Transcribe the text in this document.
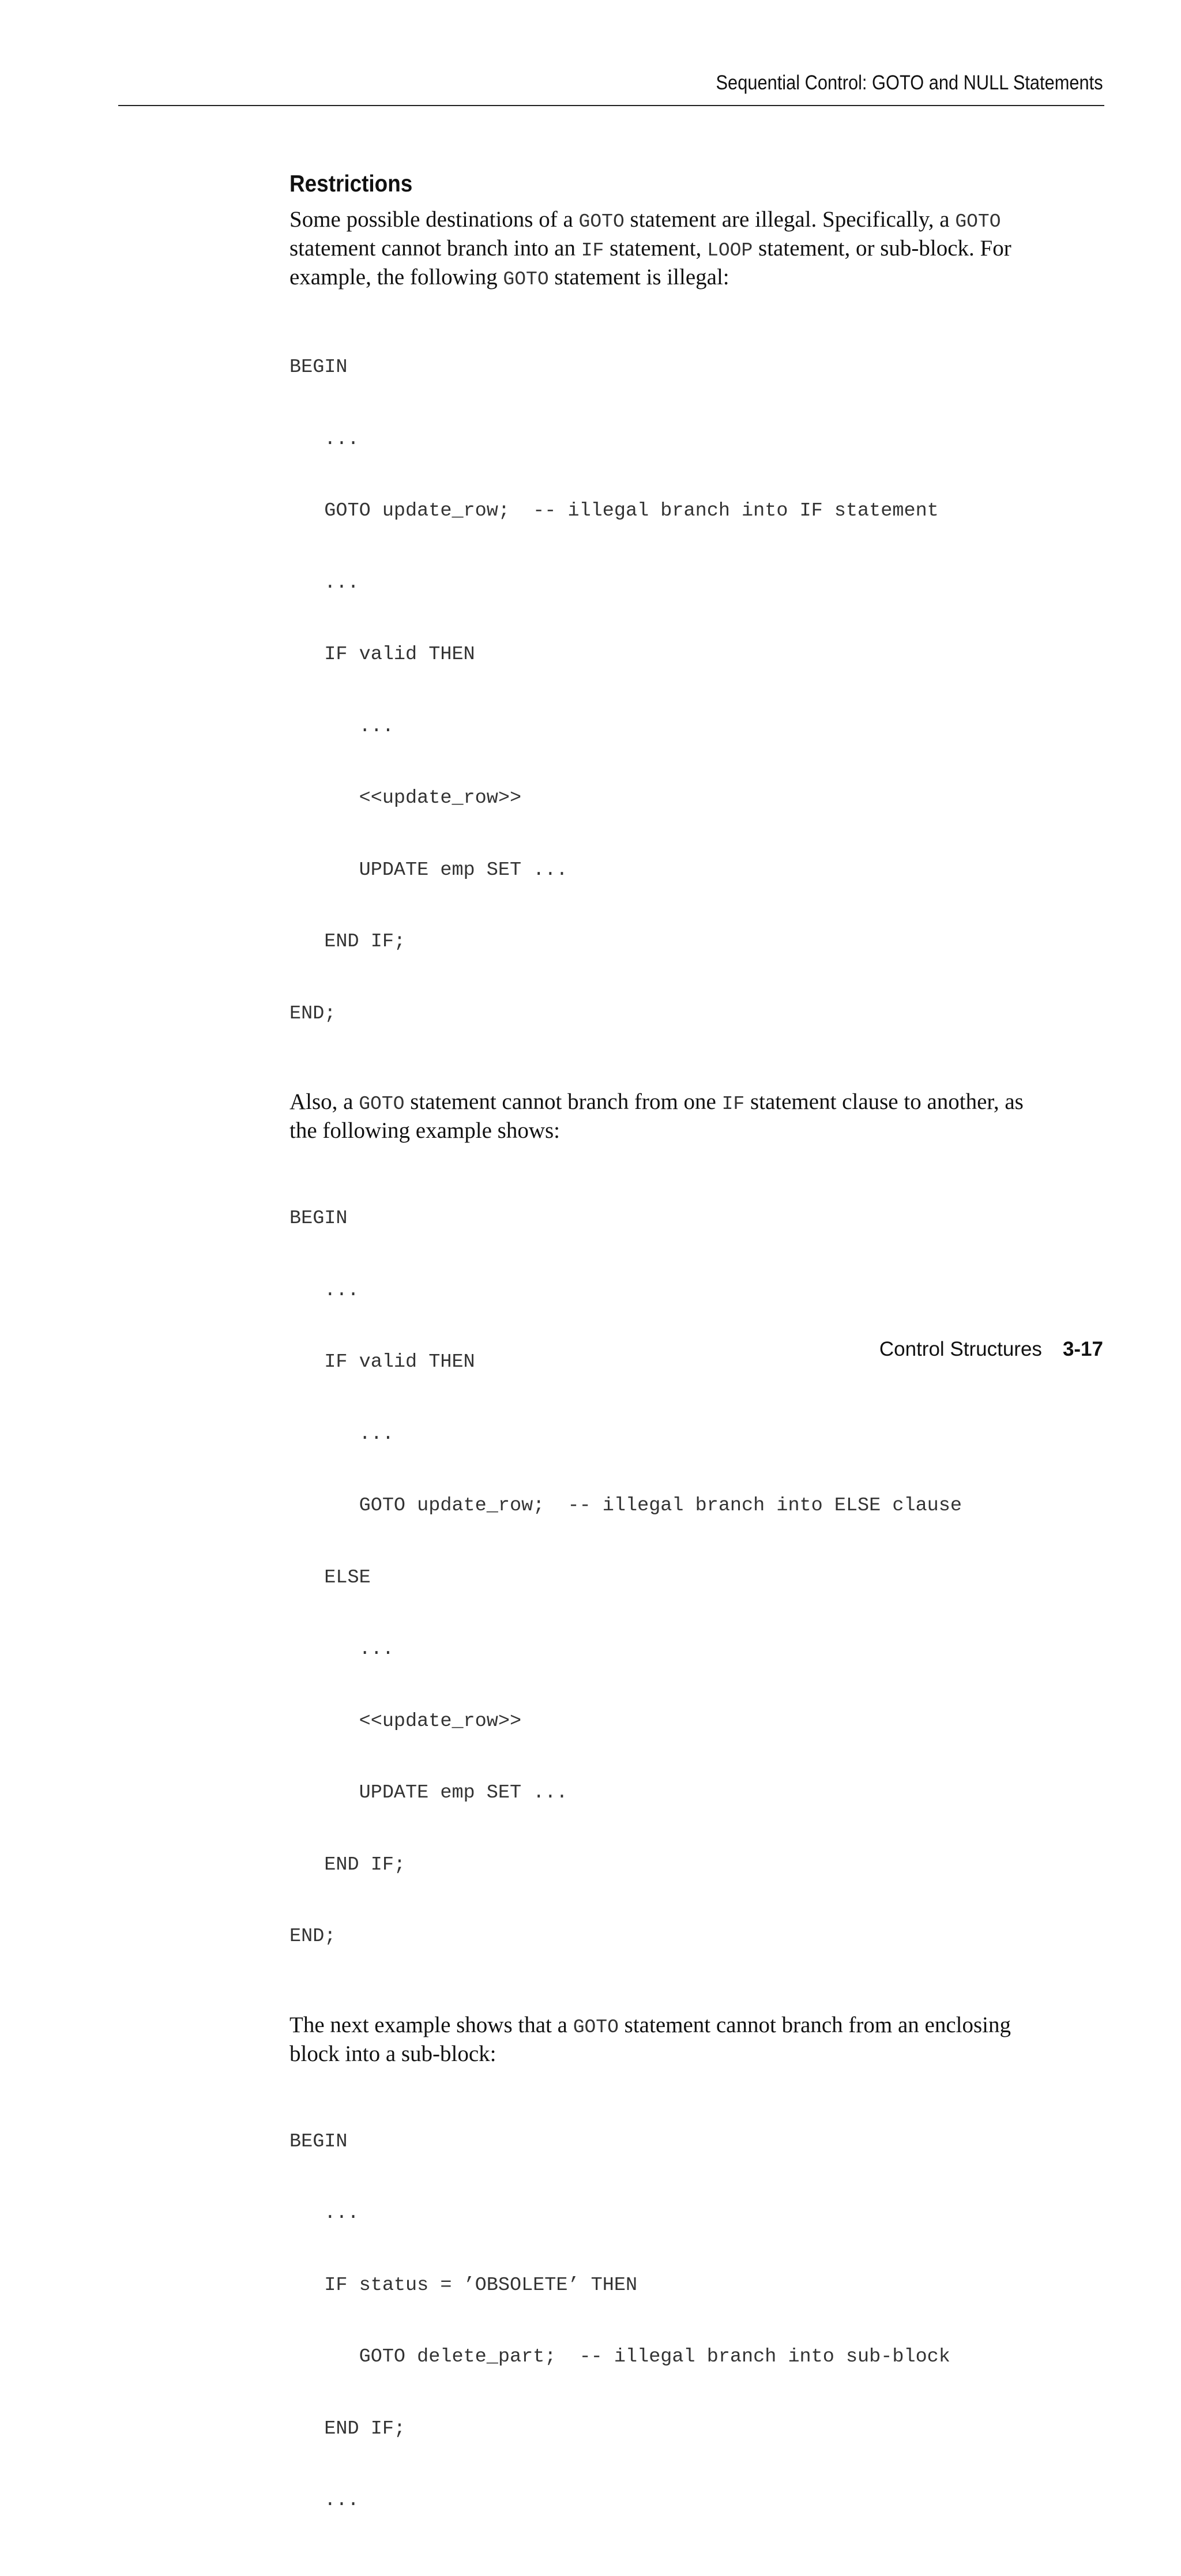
Sequential Control: GOTO and NULL Statements
Restrictions

Some possible destinations of a GOTO statement are illegal. Specifically, a GOTO
statement cannot branch into an IF statement, LOOP statement, or sub-block. For
example, the following GOTO statement is illegal:

BEGIN

...

GOTO update_row;  -- illegal branch into IF statement

...

IF valid THEN

...

<<update_row>>

UPDATE emp SET ...

END IF;

END;

Also, a GOTO statement cannot branch from one IF statement clause to another, as
the following example shows:

BEGIN

...

IF valid THEN

...

GOTO update_row;  -- illegal branch into ELSE clause

ELSE

...

<<update_row>>

UPDATE emp SET ...

END IF;

END;

The next example shows that a GOTO statement cannot branch from an enclosing
block into a sub-block:

BEGIN

...

IF status = ’OBSOLETE’ THEN

GOTO delete_part;  -- illegal branch into sub-block

END IF;

...

Control Structures 3-17
